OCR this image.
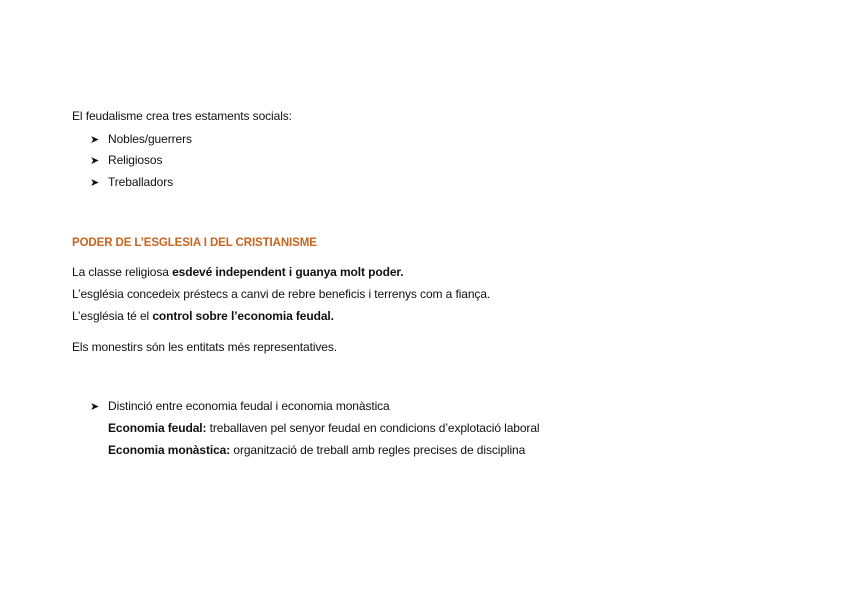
El feudalisme crea tres estaments socials:
➤ Nobles/guerrers
➤ Religiosos
➤ Treballadors
PODER DE L’ESGLESIA I DEL CRISTIANISME
La classe religiosa esdevé independent i guanya molt poder.
L’església concedeix préstecs a canvi de rebre beneficis i terrenys com a fiança.
L’església té el control sobre l’economia feudal.
Els monestirs són les entitats més representatives.
➤ Distinció entre economia feudal i economia monàstica
Economia feudal: treballaven pel senyor feudal en condicions d’explotació laboral
Economia monàstica: organització de treball amb regles precises de disciplina
